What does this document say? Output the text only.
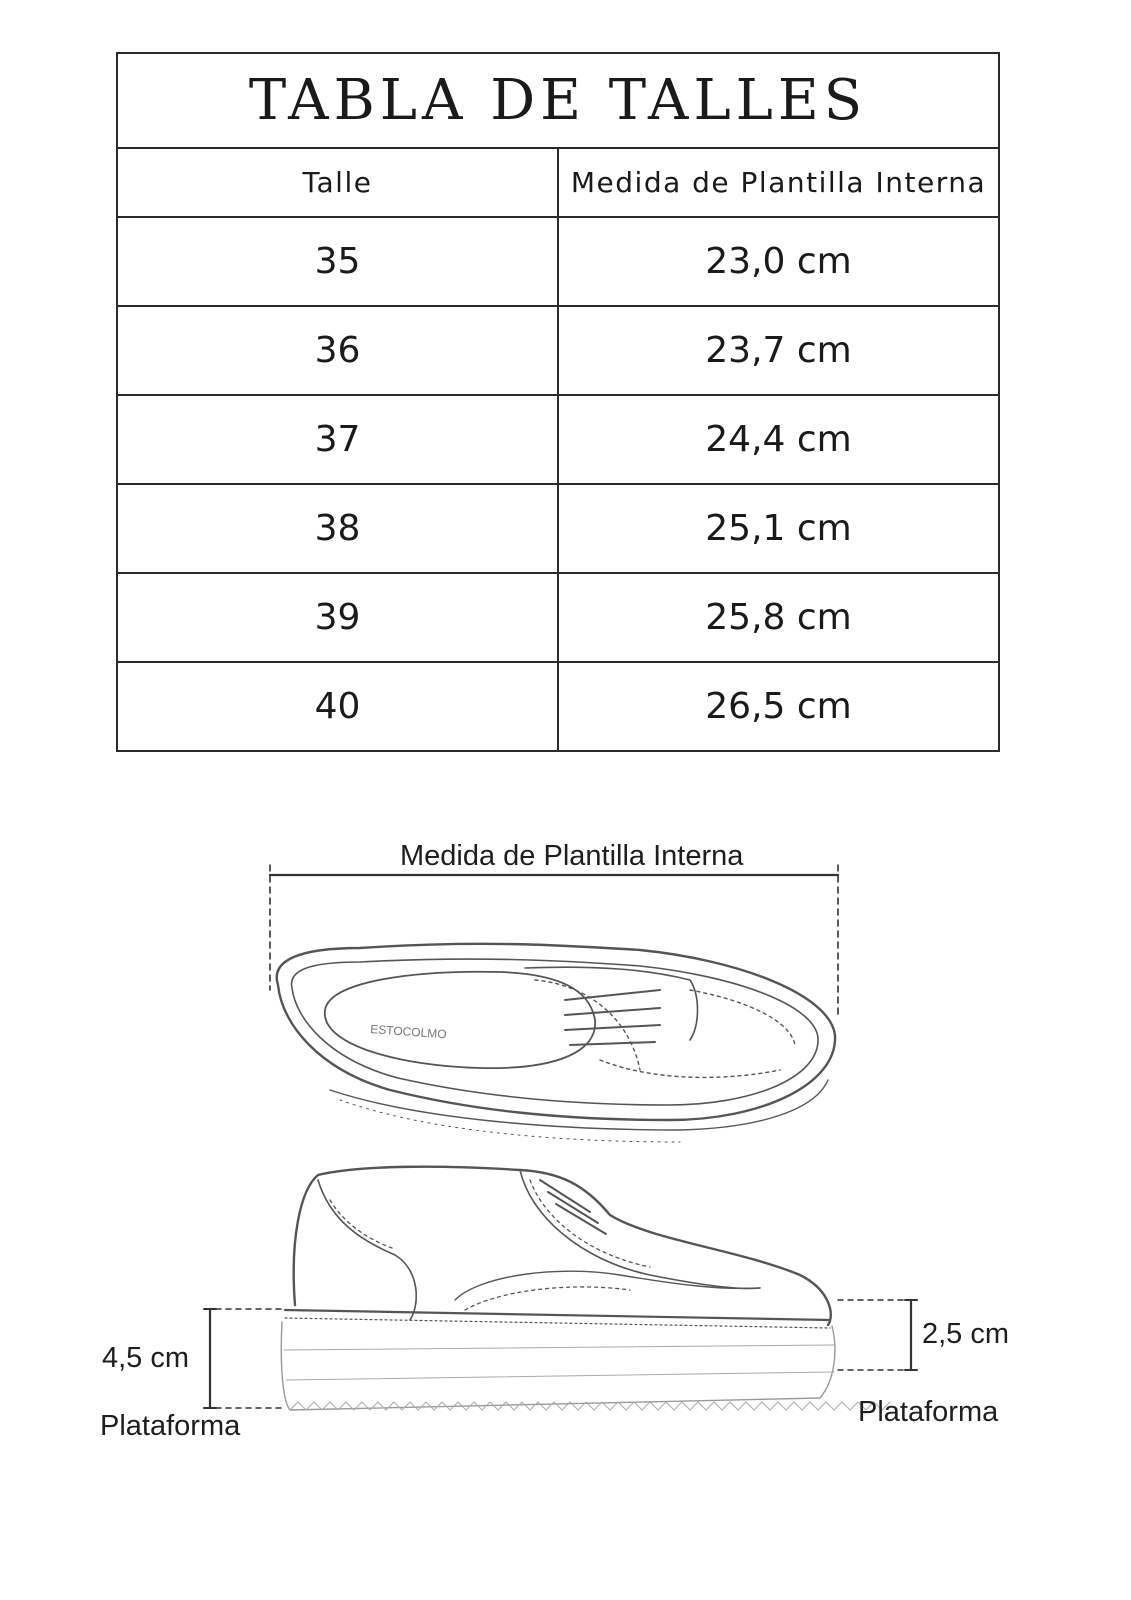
TABLA DE TALLES	
Talle	Medida de Plantilla Interna
35	23,0 cm
36	23,7 cm
37	24,4 cm
38	25,1 cm
39	25,8 cm
40	26,5 cm
ESTOCOLMO
Medida de Plantilla Interna
4,5 cm
Plataforma
2,5 cm
Plataforma
